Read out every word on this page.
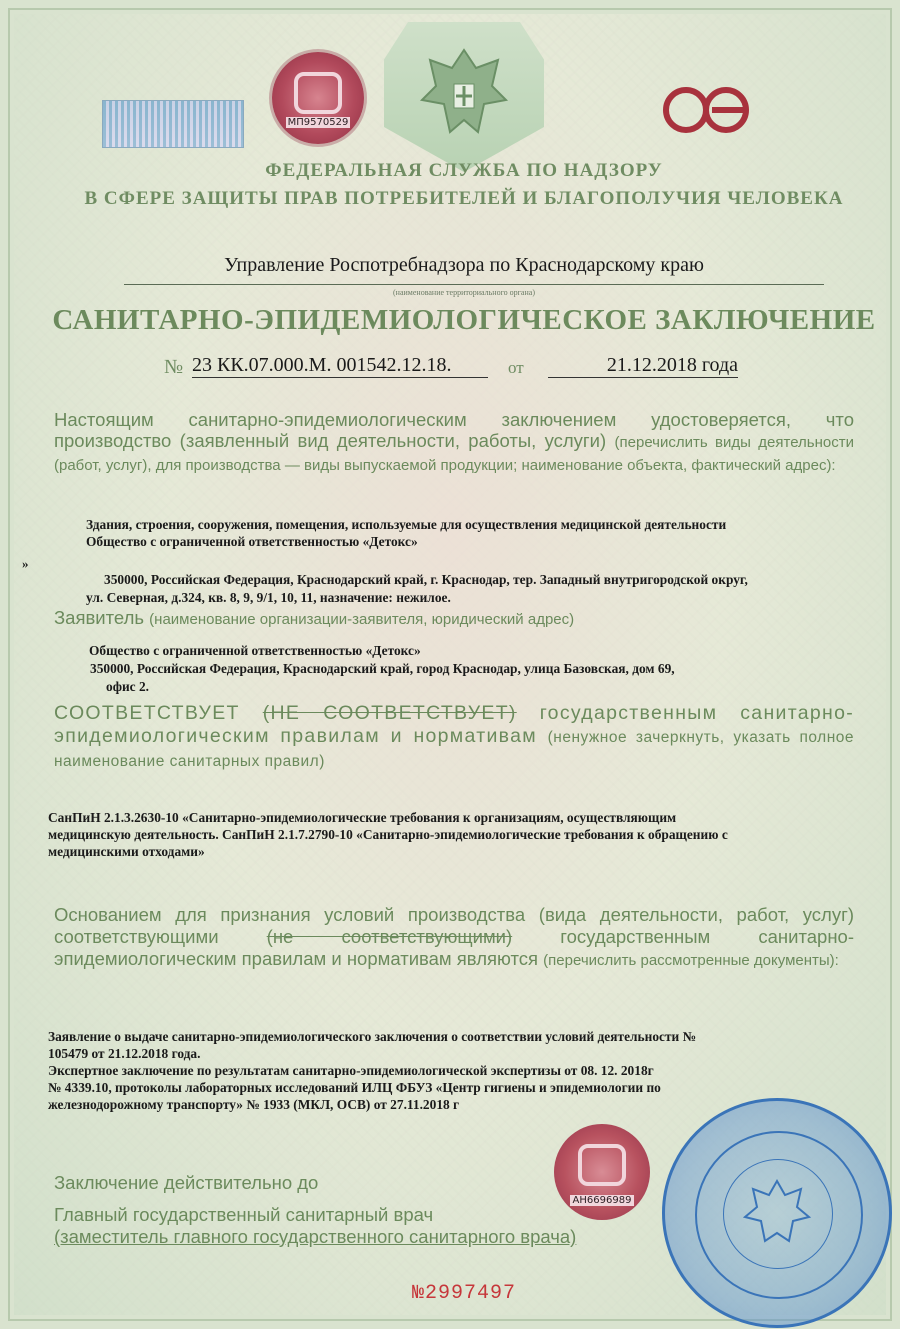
МП9570529
ФЕДЕРАЛЬНАЯ СЛУЖБА ПО НАДЗОРУ
В СФЕРЕ ЗАЩИТЫ ПРАВ ПОТРЕБИТЕЛЕЙ И БЛАГОПОЛУЧИЯ ЧЕЛОВЕКА
Управление Роспотребнадзора по Краснодарскому краю
(наименование территориального органа)
САНИТАРНО-ЭПИДЕМИОЛОГИЧЕСКОЕ ЗАКЛЮЧЕНИЕ
№ 23 КК.07.000.М. 001542.12.18.	от	21.12.2018 года
Настоящим санитарно-эпидемиологическим заключением удостоверяется, что производство (заявленный вид деятельности, работы, услуги) (перечислить виды деятельности (работ, услуг), для производства — виды выпускаемой продукции; наименование объекта, фактический адрес):
Здания, строения, сооружения, помещения, используемые для осуществления медицинской деятельности
Общество с ограниченной ответственностью «Детокс»
»
350000, Российская Федерация, Краснодарский край, г. Краснодар, тер. Западный внутригородской округ,
ул. Северная, д.324, кв. 8, 9, 9/1, 10, 11, назначение: нежилое.
Заявитель (наименование организации-заявителя, юридический адрес)
Общество с ограниченной ответственностью «Детокс»
350000, Российская Федерация, Краснодарский край, город Краснодар, улица Базовская, дом 69,
офис 2.
СООТВЕТСТВУЕТ (НЕ СООТВЕТСТВУЕТ) государственным санитарно-эпидемиологическим правилам и нормативам (ненужное зачеркнуть, указать полное наименование санитарных правил)
СанПиН 2.1.3.2630-10 «Санитарно-эпидемиологические требования к организациям, осуществляющим
медицинскую деятельность. СанПиН 2.1.7.2790-10 «Санитарно-эпидемиологические требования к обращению с
медицинскими отходами»
Основанием для признания условий производства (вида деятельности, работ, услуг) соответствующими	(не соответствующими)	государственным санитарно-эпидемиологическим правилам и нормативам являются (перечислить рассмотренные документы):
Заявление о выдаче санитарно-эпидемиологического заключения о соответствии условий деятельности №
105479 от 21.12.2018 года.
Экспертное заключение по результатам санитарно-эпидемиологической экспертизы от 08. 12. 2018г
№ 4339.10, протоколы лабораторных исследований ИЛЦ ФБУЗ «Центр гигиены и эпидемиологии по
железнодорожному транспорту» № 1933 (МКЛ, ОСВ) от 27.11.2018 г
АН6696989
Заключение действительно до
Главный государственный санитарный врач
(заместитель главного государственного санитарного врача)
№2997497
